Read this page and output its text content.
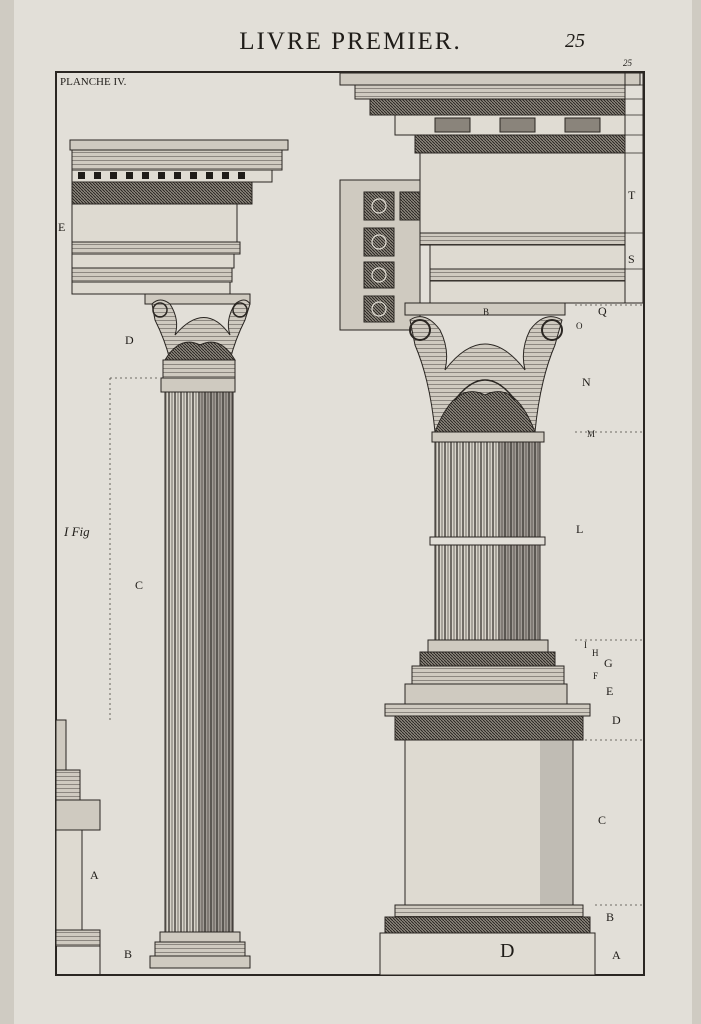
LIVRE PREMIER.	25

PLANCHE IV.
I Fig
25
E
D
C
A
B
T
S
Q
O
N
M
L
I
H
G
F
E
D
C
B
A
B
D
